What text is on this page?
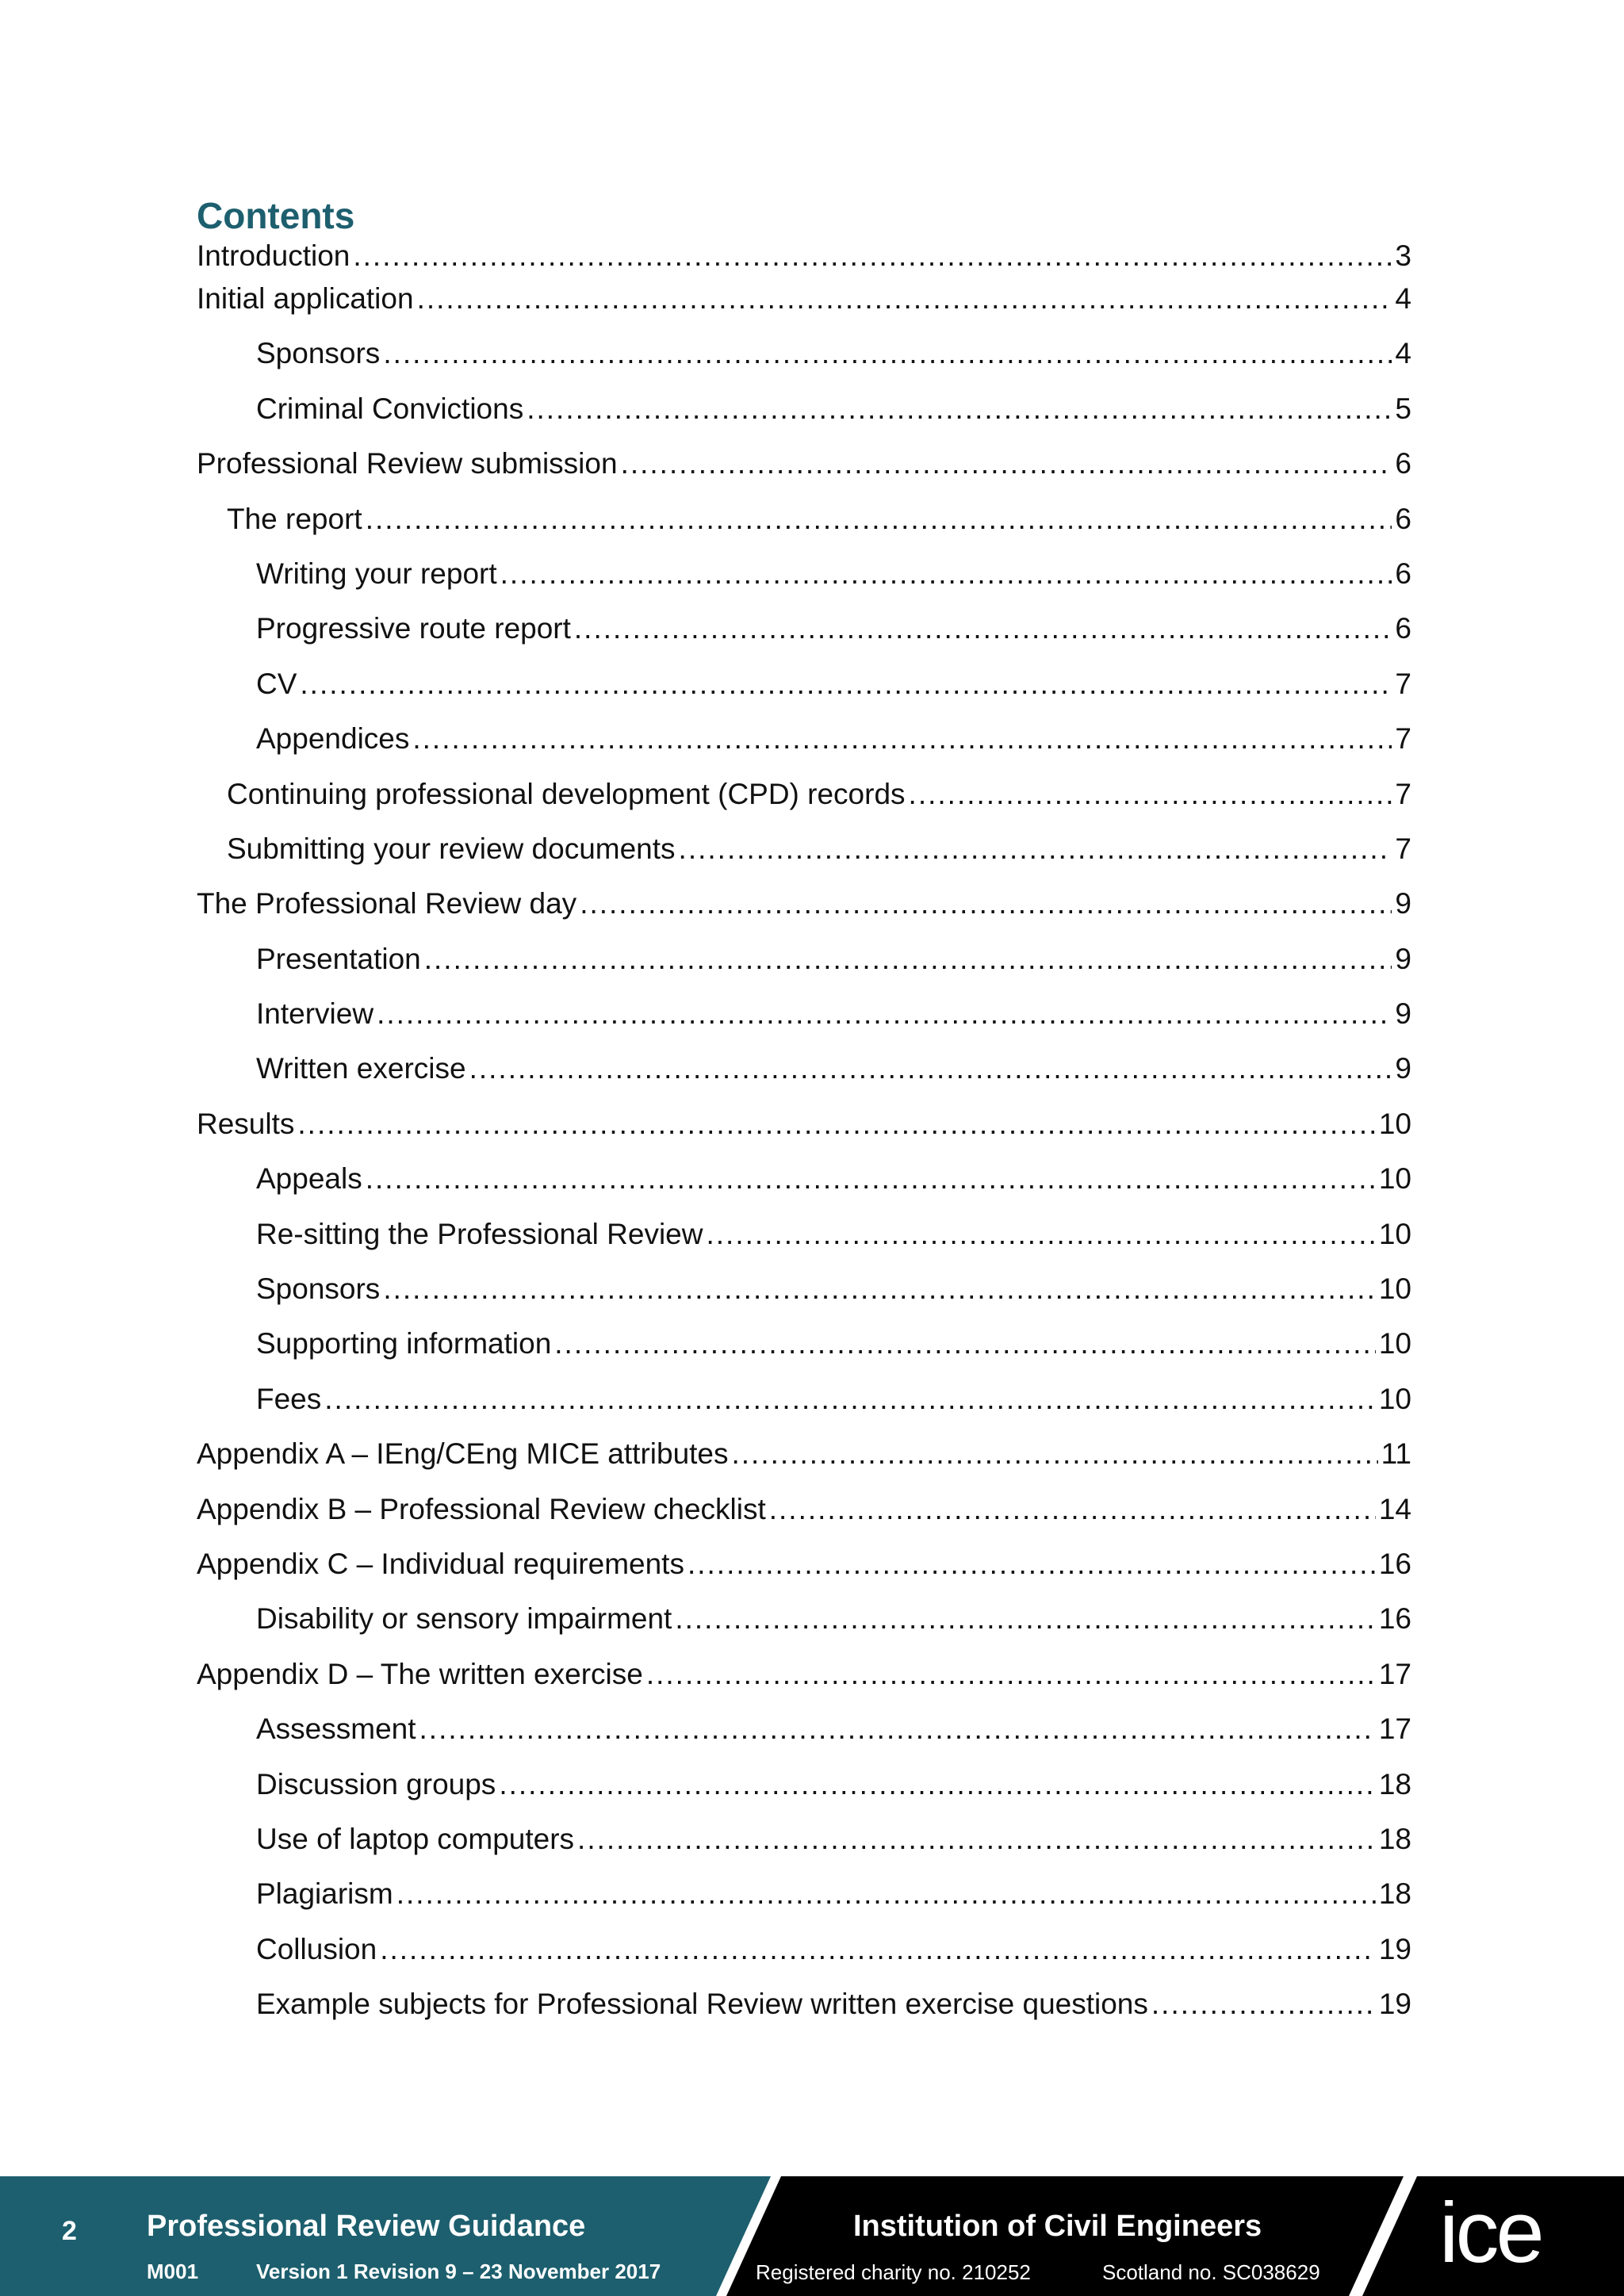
Contents
Introduction .....	3
Initial application .....	4
Sponsors .....	4
Criminal Convictions .....	5
Professional Review submission .....	6
The report .....	6
Writing your report .....	6
Progressive route report .....	6
CV .....	7
Appendices .....	7
Continuing professional development (CPD) records .....	7
Submitting your review documents .....	7
The Professional Review day .....	9
Presentation .....	9
Interview .....	9
Written exercise .....	9
Results .....	10
Appeals .....	10
Re-sitting the Professional Review .....	10
Sponsors .....	10
Supporting information .....	10
Fees .....	10
Appendix A – IEng/CEng MICE attributes .....	11
Appendix B – Professional Review checklist .....	14
Appendix C – Individual requirements .....	16
Disability or sensory impairment .....	16
Appendix D – The written exercise .....	17
Assessment .....	17
Discussion groups .....	18
Use of laptop computers .....	18
Plagiarism .....	18
Collusion .....	19
Example subjects for Professional Review written exercise questions .....	19
2 Professional Review Guidance
M001	Version 1 Revision 9 – 23 November 2017
Institution of Civil Engineers
Registered charity no. 210252	Scotland no. SC038629 ice
